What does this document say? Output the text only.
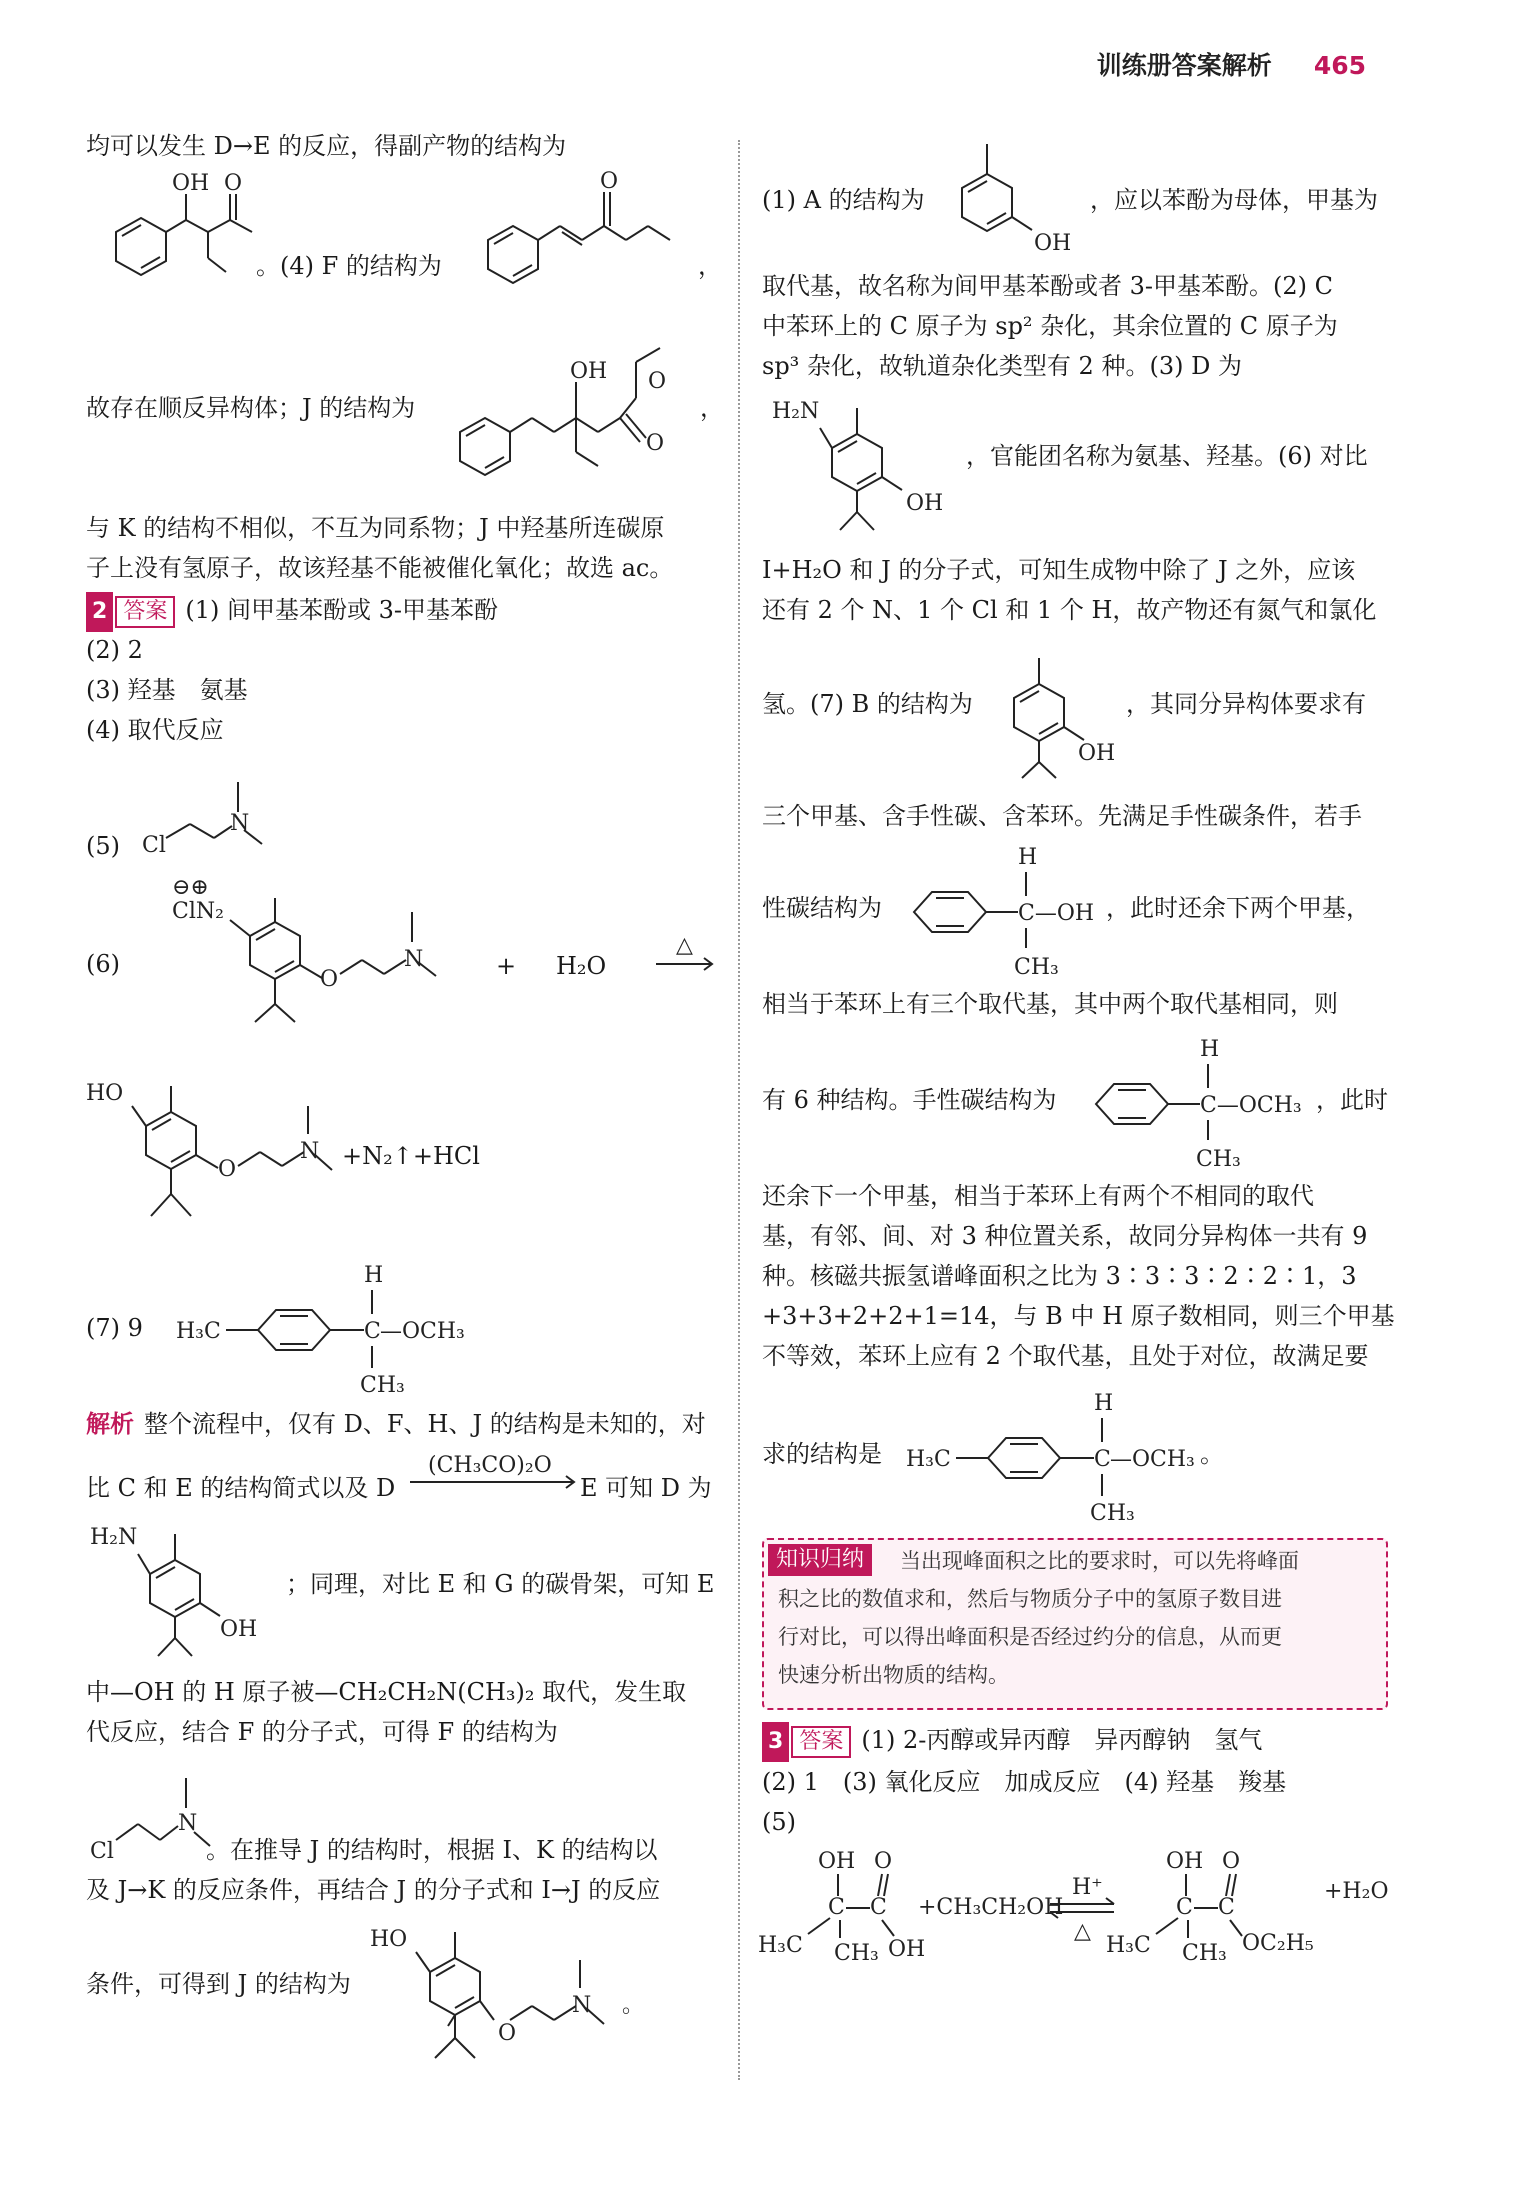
训练册答案解析 465
均可以发生 D→E 的反应，得副产物的结构为
OH O
。(4) F 的结构为
O
，
故存在顺反异构体；J 的结构为
OH O
O
，
与 K 的结构不相似，不互为同系物；J 中羟基所连碳原
子上没有氢原子，故该羟基不能被催化氧化；故选 ac。
2 答案 (1) 间甲基苯酚或 3-甲基苯酚
(2) 2
(3) 羟基　氨基
(4) 取代反应
(5) Cl
N
(6)
⊖⊕
ClN₂
O
N	+ H₂O
△
HO
O
N +N₂↑+HCl
(7) 9 H₃C	C —OCH₃
H
CH₃
解析 整个流程中，仅有 D、F、H、J 的结构是未知的，对
比 C 和 E 的结构简式以及 D
(CH₃CO)₂O
E 可知 D 为
H₂N
OH
；同理，对比 E 和 G 的碳骨架，可知 E
中—OH 的 H 原子被—CH₂CH₂N(CH₃)₂ 取代，发生取
代反应，结合 F 的分子式，可得 F 的结构为
Cl
N
。在推导 J 的结构时，根据 I、K 的结构以
及 J→K 的反应条件，再结合 J 的分子式和 I→J 的反应
条件，可得到 J 的结构为
HO
O
N 。
(1) A 的结构为
OH
，应以苯酚为母体，甲基为
取代基，故名称为间甲基苯酚或者 3-甲基苯酚。(2) C
中苯环上的 C 原子为 sp² 杂化，其余位置的 C 原子为
sp³ 杂化，故轨道杂化类型有 2 种。(3) D 为
H₂N
OH
，官能团名称为氨基、羟基。(6) 对比
I+H₂O 和 J 的分子式，可知生成物中除了 J 之外，应该
还有 2 个 N、1 个 Cl 和 1 个 H，故产物还有氮气和氯化
氢。(7) B 的结构为
OH
，其同分异构体要求有
三个甲基、含手性碳、含苯环。先满足手性碳条件，若手
性碳结构为	C—OH
H
CH₃
，此时还余下两个甲基，
相当于苯环上有三个取代基，其中两个取代基相同，则
有 6 种结构。手性碳结构为	C—OCH₃
H
CH₃
，此时
还余下一个甲基，相当于苯环上有两个不相同的取代
基，有邻、间、对 3 种位置关系，故同分异构体一共有 9
种。核磁共振氢谱峰面积之比为 3∶3∶3∶2∶2∶1，3
+3+3+2+2+1=14，与 B 中 H 原子数相同，则三个甲基
不等效，苯环上应有 2 个取代基，且处于对位，故满足要
求的结构是 H₃C	C —OCH₃
H
CH₃
。
知识归纳	当出现峰面积之比的要求时，可以先将峰面
积之比的数值求和，然后与物质分子中的氢原子数目进
行对比，可以得出峰面积是否经过约分的信息，从而更
快速分析出物质的结构。
3 答案 (1) 2-丙醇或异丙醇　异丙醇钠　氢气
(2) 1　(3) 氧化反应　加成反应　(4) 羟基　羧基
(5)
OH O
C C
H₃C CH₃ OH
+CH₃CH₂OH
H⁺
△
OH O
C C
H₃C CH₃ OC₂H₅
+H₂O
